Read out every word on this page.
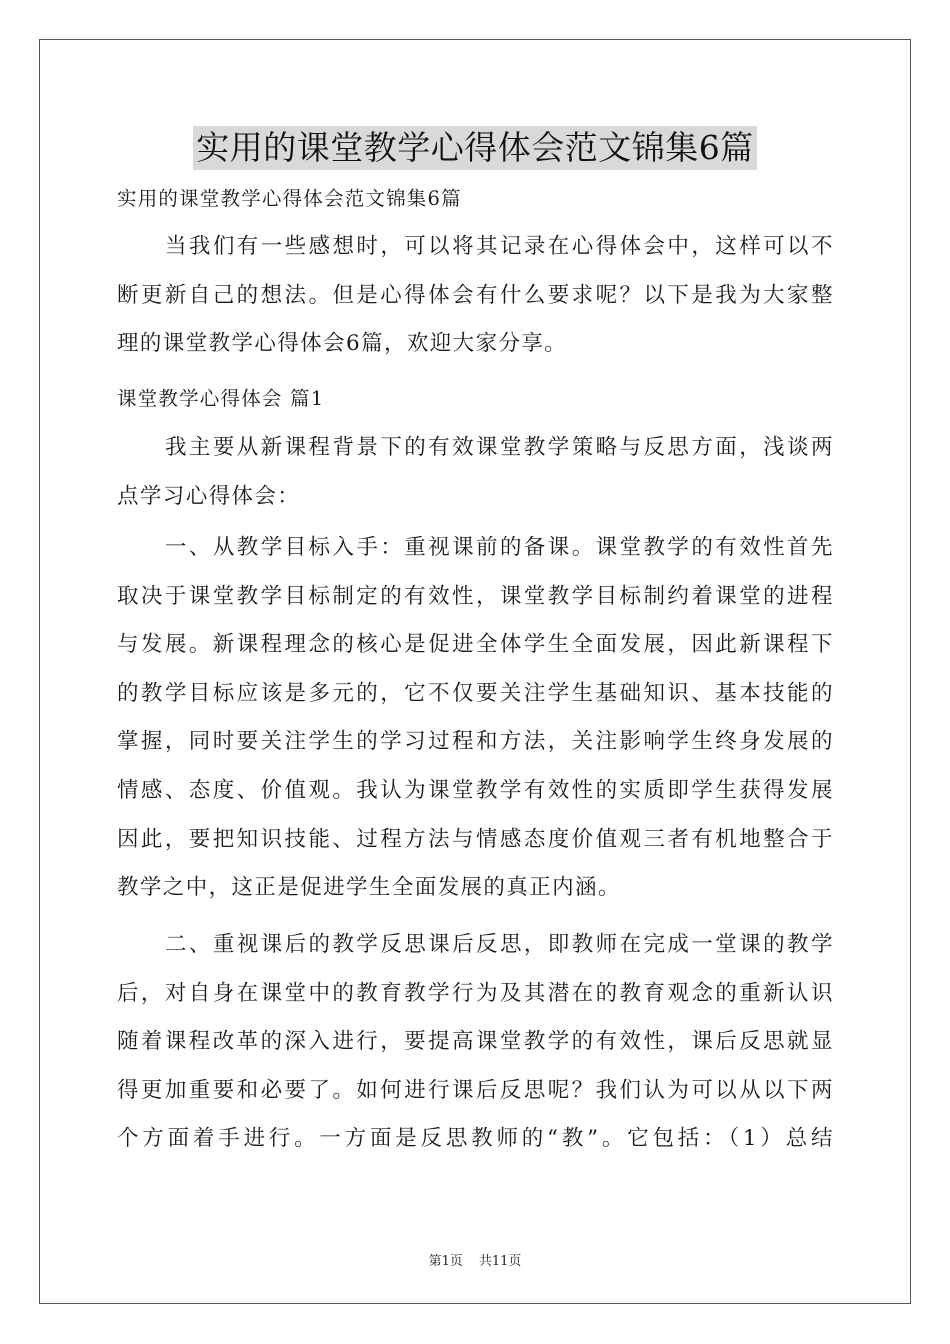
实用的课堂教学心得体会范文锦集6篇

实用的课堂教学心得体会范文锦集6篇

当我们有一些感想时，可以将其记录在心得体会中，这样可以不
断更新自己的想法。但是心得体会有什么要求呢？以下是我为大家整
理的课堂教学心得体会6篇，欢迎大家分享。

课堂教学心得体会 篇1

我主要从新课程背景下的有效课堂教学策略与反思方面，浅谈两
点学习心得体会：
一、从教学目标入手：重视课前的备课。课堂教学的有效性首先
取决于课堂教学目标制定的有效性，课堂教学目标制约着课堂的进程
与发展。新课程理念的核心是促进全体学生全面发展，因此新课程下
的教学目标应该是多元的，它不仅要关注学生基础知识、基本技能的
掌握，同时要关注学生的学习过程和方法，关注影响学生终身发展的
情感、态度、价值观。我认为课堂教学有效性的实质即学生获得发展
因此，要把知识技能、过程方法与情感态度价值观三者有机地整合于
教学之中，这正是促进学生全面发展的真正内涵。
二、重视课后的教学反思课后反思，即教师在完成一堂课的教学
后，对自身在课堂中的教育教学行为及其潜在的教育观念的重新认识
随着课程改革的深入进行，要提高课堂教学的有效性，课后反思就显
得更加重要和必要了。如何进行课后反思呢？我们认为可以从以下两
个方面着手进行。一方面是反思教师的“教”。它包括：（1）总结
第1页 共11页
